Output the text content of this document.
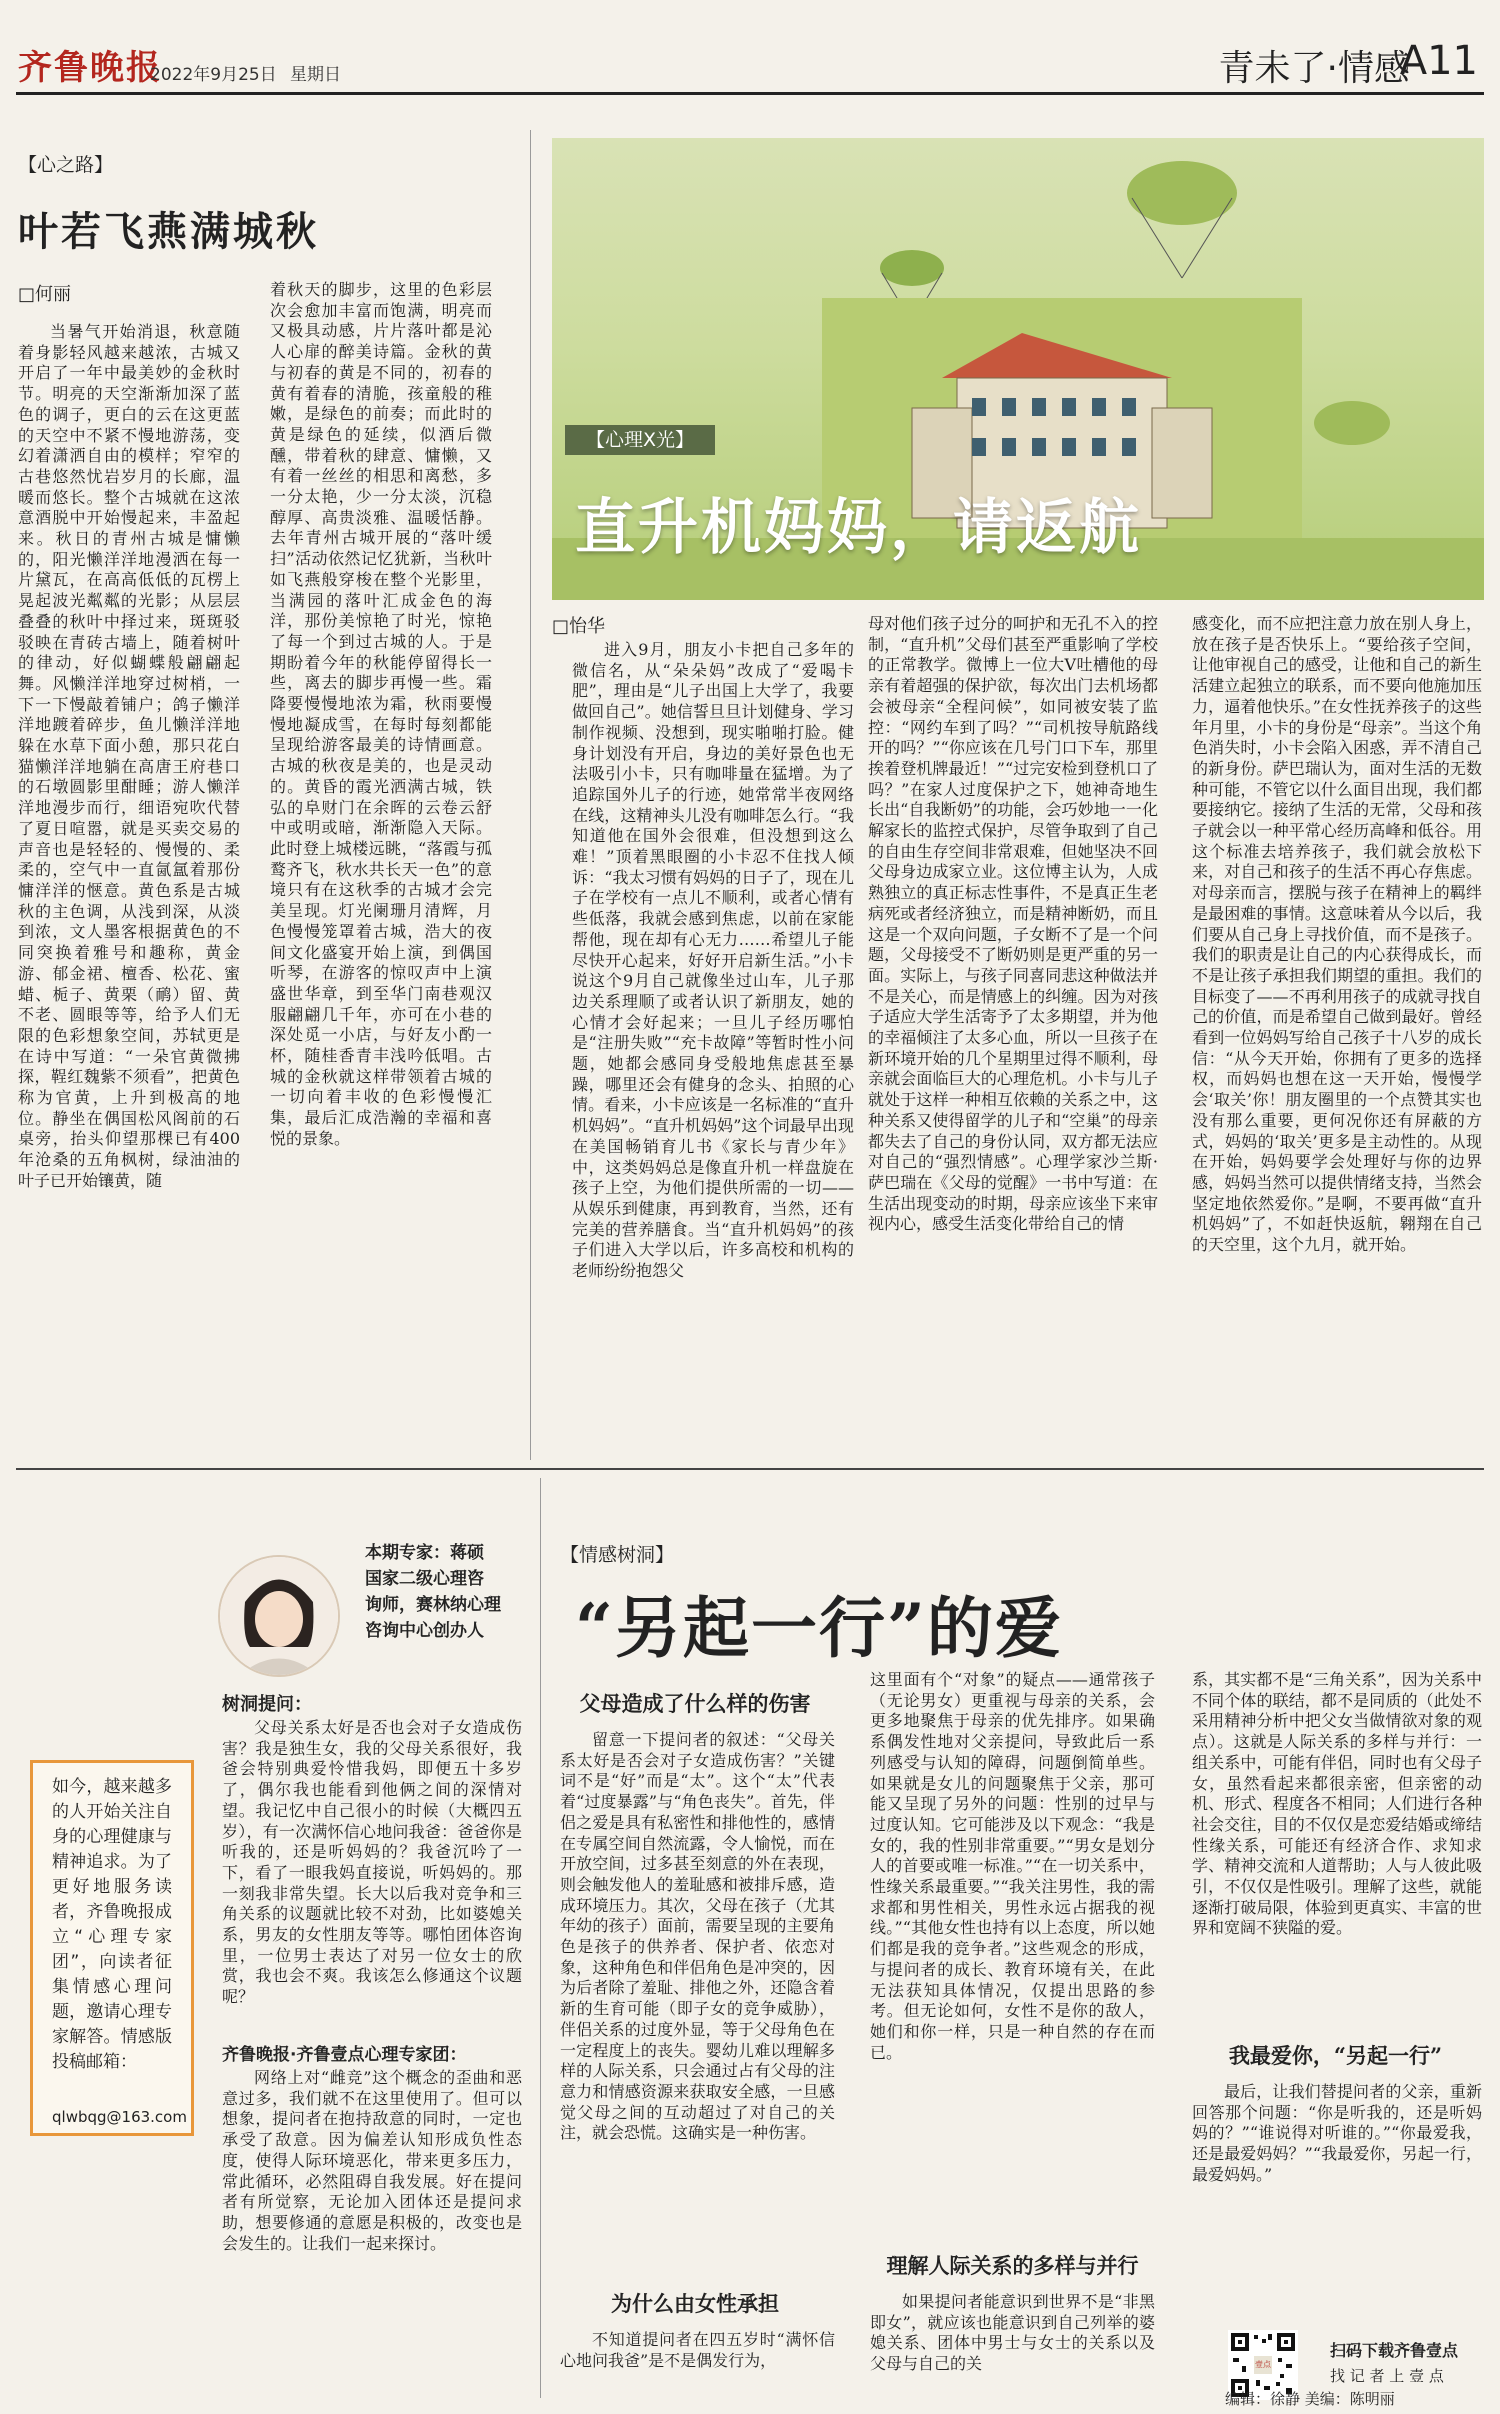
齐鲁晚报
2022年9月25日 星期日	青未了·情感
A11
【心之路】
叶若飞燕满城秋
□何丽

当暑气开始消退，秋意随着身影轻风越来越浓，古城又开启了一年中最美妙的金秋时节。明亮的天空渐渐加深了蓝色的调子，更白的云在这更蓝的天空中不紧不慢地游荡，变幻着潇洒自由的模样；窄窄的古巷悠然忧岩岁月的长廊，温暖而悠长。整个古城就在这浓意酒脱中开始慢起来，丰盈起来。秋日的青州古城是慵懒的，阳光懒洋洋地漫洒在每一片黛瓦，在高高低低的瓦楞上晃起波光粼粼的光影；从层层叠叠的秋叶中择过来，斑斑驳驳映在青砖古墙上，随着树叶的律动，好似蝴蝶般翩翩起舞。风懒洋洋地穿过树梢，一下一下慢敲着铺户；鸽子懒洋洋地踱着碎步，鱼儿懒洋洋地躲在水草下面小憩，那只花白猫懒洋洋地躺在高唐王府巷口的石墩圆影里酣睡；游人懒洋洋地漫步而行，细语宛吹代替了夏日喧嚣，就是买卖交易的声音也是轻轻的、慢慢的、柔柔的，空气中一直氤氲着那份慵洋洋的惬意。黄色系是古城秋的主色调，从浅到深，从淡到浓，文人墨客根据黄色的不同突换着雅号和趣称，黄金游、郁金裙、檀香、松花、蜜蜡、栀子、黄栗（鸸）留、黄不老、圆眼等等，给予人们无限的色彩想象空间，苏轼更是在诗中写道：“一朵官黄微拂探，鞓红魏紫不须看”，把黄色称为官黄，上升到极高的地位。静坐在偶国松风阁前的石桌旁，抬头仰望那棵已有400年沧桑的五角枫树，绿油油的叶子已开始镶黄，随

着秋天的脚步，这里的色彩层次会愈加丰富而饱满，明亮而又极具动感，片片落叶都是沁人心扉的醉美诗篇。金秋的黄与初春的黄是不同的，初春的黄有着春的清脆，孩童般的稚嫩，是绿色的前奏；而此时的黄是绿色的延续，似酒后微醺，带着秋的肆意、慵懒，又有着一丝丝的相思和离愁，多一分太艳，少一分太淡，沉稳醇厚、高贵淡雅、温暖恬静。去年青州古城开展的“落叶缓扫”活动依然记忆犹新，当秋叶如飞燕般穿梭在整个光影里，当满园的落叶汇成金色的海洋，那份美惊艳了时光，惊艳了每一个到过古城的人。于是期盼着今年的秋能停留得长一些，离去的脚步再慢一些。霜降要慢慢地浓为霜，秋雨要慢慢地凝成雪，在每时每刻都能呈现给游客最美的诗情画意。古城的秋夜是美的，也是灵动的。黄昏的霞光洒满古城，铁弘的阜财门在余晖的云卷云舒中或明或暗，渐渐隐入天际。此时登上城楼远眺，“落霞与孤鹜齐飞，秋水共长天一色”的意境只有在这秋季的古城才会完美呈现。灯光阑珊月清辉，月色慢慢笼罩着古城，浩大的夜间文化盛宴开始上演，到偶国听琴，在游客的惊叹声中上演盛世华章，到至华门南巷观汉服翩翩几千年，亦可在小巷的深处觅一小店，与好友小酌一杯，随桂香青丰浅吟低唱。古城的金秋就这样带领着古城的一切向着丰收的色彩慢慢汇集，最后汇成浩瀚的幸福和喜悦的景象。

【心理X光】
直升机妈妈，请返航
□怡华

进入9月，朋友小卡把自己多年的微信名，从“朵朵妈”改成了“爱喝卡肥”，理由是“儿子出国上大学了，我要做回自己”。她信誓旦旦计划健身、学习制作视频、没想到，现实啪啪打脸。健身计划没有开启，身边的美好景色也无法吸引小卡，只有咖啡量在猛增。为了追踪国外儿子的行迹，她常常半夜网络在线，这精神头儿没有咖啡怎么行。“我知道他在国外会很难，但没想到这么难！”顶着黑眼圈的小卡忍不住找人倾诉：“我太习惯有妈妈的日子了，现在儿子在学校有一点儿不顺利，或者心情有些低落，我就会感到焦虑，以前在家能帮他，现在却有心无力……希望儿子能尽快开心起来，好好开启新生活。”小卡说这个9月自己就像坐过山车，儿子那边关系理顺了或者认识了新朋友，她的心情才会好起来；一旦儿子经历哪怕是“注册失败”“充卡故障”等暂时性小问题，她都会感同身受般地焦虑甚至暴躁，哪里还会有健身的念头、拍照的心情。看来，小卡应该是一名标准的“直升机妈妈”。“直升机妈妈”这个词最早出现在美国畅销育儿书《家长与青少年》中，这类妈妈总是像直升机一样盘旋在孩子上空，为他们提供所需的一切——从娱乐到健康，再到教育，当然，还有完美的营养膳食。当“直升机妈妈”的孩子们进入大学以后，许多高校和机构的老师纷纷抱怨父

母对他们孩子过分的呵护和无孔不入的控制，“直升机”父母们甚至严重影响了学校的正常教学。微博上一位大V吐槽他的母亲有着超强的保护欲，每次出门去机场都会被母亲“全程问候”，如同被安装了监控：“网约车到了吗？”“司机按导航路线开的吗？”“你应该在几号门口下车，那里挨着登机牌最近！”“过完安检到登机口了吗？”在家人过度保护之下，她神奇地生长出“自我断奶”的功能，会巧妙地一一化解家长的监控式保护，尽管争取到了自己的自由生存空间非常艰难，但她坚决不回父母身边成家立业。这位博主认为，人成熟独立的真正标志性事件，不是真正生老病死或者经济独立，而是精神断奶，而且这是一个双向问题，子女断不了是一个问题，父母接受不了断奶则是更严重的另一面。实际上，与孩子同喜同悲这种做法并不是关心，而是情感上的纠缠。因为对孩子适应大学生活寄予了太多期望，并为他的幸福倾注了太多心血，所以一旦孩子在新环境开始的几个星期里过得不顺利，母亲就会面临巨大的心理危机。小卡与儿子就处于这样一种相互依赖的关系之中，这种关系又使得留学的儿子和“空巢”的母亲都失去了自己的身份认同，双方都无法应对自己的“强烈情感”。心理学家沙兰斯·萨巴瑞在《父母的觉醒》一书中写道：在生活出现变动的时期，母亲应该坐下来审视内心，感受生活变化带给自己的情

感变化，而不应把注意力放在别人身上，放在孩子是否快乐上。“要给孩子空间，让他审视自己的感受，让他和自己的新生活建立起独立的联系，而不要向他施加压力，逼着他快乐。”在女性抚养孩子的这些年月里，小卡的身份是“母亲”。当这个角色消失时，小卡会陷入困惑，弄不清自己的新身份。萨巴瑞认为，面对生活的无数种可能，不管它以什么面目出现，我们都要接纳它。接纳了生活的无常，父母和孩子就会以一种平常心经历高峰和低谷。用这个标准去培养孩子，我们就会放松下来，对自己和孩子的生活不再心存焦虑。对母亲而言，摆脱与孩子在精神上的羁绊是最困难的事情。这意味着从今以后，我们要从自己身上寻找价值，而不是孩子。我们的职责是让自己的内心获得成长，而不是让孩子承担我们期望的重担。我们的目标变了——不再利用孩子的成就寻找自己的价值，而是希望自己做到最好。曾经看到一位妈妈写给自己孩子十八岁的成长信：“从今天开始，你拥有了更多的选择权，而妈妈也想在这一天开始，慢慢学会‘取关’你！朋友圈里的一个点赞其实也没有那么重要，更何况你还有屏蔽的方式，妈妈的‘取关’更多是主动性的。从现在开始，妈妈要学会处理好与你的边界感，妈妈当然可以提供情绪支持，当然会坚定地依然爱你。”是啊，不要再做“直升机妈妈”了，不如赶快返航，翱翔在自己的天空里，这个九月，就开始。

本期专家：蒋硕
国家二级心理咨
询师，赛林纳心理
咨询中心创办人
如今，越来越多的人开始关注自身的心理健康与精神追求。为了更好地服务读者，齐鲁晚报成立“心理专家团”，向读者征集情感心理问题，邀请心理专家解答。情感版投稿邮箱：
qlwbqg@163.com
树洞提问：

父母关系太好是否也会对子女造成伤害？我是独生女，我的父母关系很好，我爸会特别典爱怜惜我妈，即便五十多岁了，偶尔我也能看到他俩之间的深情对望。我记忆中自己很小的时候（大概四五岁），有一次满怀信心地问我爸：爸爸你是听我的，还是听妈妈的？我爸沉吟了一下，看了一眼我妈直接说，听妈妈的。那一刻我非常失望。长大以后我对竞争和三角关系的议题就比较不对劲，比如婆媳关系，男友的女性朋友等等。哪怕团体咨询里，一位男士表达了对另一位女士的欣赏，我也会不爽。我该怎么修通这个议题呢？

齐鲁晚报·齐鲁壹点心理专家团：

网络上对“雌竞”这个概念的歪曲和恶意过多，我们就不在这里使用了。但可以想象，提问者在抱持敌意的同时，一定也承受了敌意。因为偏差认知形成负性态度，使得人际环境恶化，带来更多压力，常此循环，必然阻碍自我发展。好在提问者有所觉察，无论加入团体还是提问求助，想要修通的意愿是积极的，改变也是会发生的。让我们一起来探讨。

【情感树洞】
“另起一行”的爱
父母造成了什么样的伤害

留意一下提问者的叙述：“父母关系太好是否会对子女造成伤害？”关键词不是“好”而是“太”。这个“太”代表着“过度暴露”与“角色丧失”。首先，伴侣之爱是具有私密性和排他性的，感情在专属空间自然流露，令人愉悦，而在开放空间，过多甚至刻意的外在表现，则会触发他人的羞耻感和被排斥感，造成环境压力。其次，父母在孩子（尤其年幼的孩子）面前，需要呈现的主要角色是孩子的供养者、保护者、依恋对象，这种角色和伴侣角色是冲突的，因为后者除了羞耻、排他之外，还隐含着新的生育可能（即子女的竞争威胁），伴侣关系的过度外显，等于父母角色在一定程度上的丧失。婴幼儿难以理解多样的人际关系，只会通过占有父母的注意力和情感资源来获取安全感，一旦感觉父母之间的互动超过了对自己的关注，就会恐慌。这确实是一种伤害。

为什么由女性承担

不知道提问者在四五岁时“满怀信心地问我爸”是不是偶发行为，

这里面有个“对象”的疑点——通常孩子（无论男女）更重视与母亲的关系，会更多地聚焦于母亲的优先排序。如果确系偶发性地对父亲提问，导致此后一系列感受与认知的障碍，问题倒简单些。如果就是女儿的问题聚焦于父亲，那可能又呈现了另外的问题：性别的过早与过度认知。它可能涉及以下观念：“我是女的，我的性别非常重要。”“男女是划分人的首要或唯一标准。”“在一切关系中，性缘关系最重要。”“我关注男性，我的需求都和男性相关，男性永远占据我的视线。”“其他女性也持有以上态度，所以她们都是我的竞争者。”这些观念的形成，与提问者的成长、教育环境有关，在此无法获知具体情况，仅提出思路的参考。但无论如何，女性不是你的敌人，她们和你一样，只是一种自然的存在而已。

理解人际关系的多样与并行

如果提问者能意识到世界不是“非黑即女”，就应该也能意识到自己列举的婆媳关系、团体中男士与女士的关系以及父母与自己的关

系，其实都不是“三角关系”，因为关系中不同个体的联结，都不是同质的（此处不采用精神分析中把父女当做情欲对象的观点）。这就是人际关系的多样与并行：一组关系中，可能有伴侣，同时也有父母子女，虽然看起来都很亲密，但亲密的动机、形式、程度各不相同；人们进行各种社会交往，目的不仅仅是恋爱结婚或缔结性缘关系，可能还有经济合作、求知求学、精神交流和人道帮助；人与人彼此吸引，不仅仅是性吸引。理解了这些，就能逐渐打破局限，体验到更真实、丰富的世界和宽阔不狭隘的爱。

我最爱你，“另起一行”

最后，让我们替提问者的父亲，重新回答那个问题：“你是听我的，还是听妈妈的？”“谁说得对听谁的。”“你最爱我，还是最爱妈妈？”“我最爱你，另起一行，最爱妈妈。”

壹点
扫码下载齐鲁壹点
找 记 者 上 壹 点
编辑：徐静 美编：陈明丽
